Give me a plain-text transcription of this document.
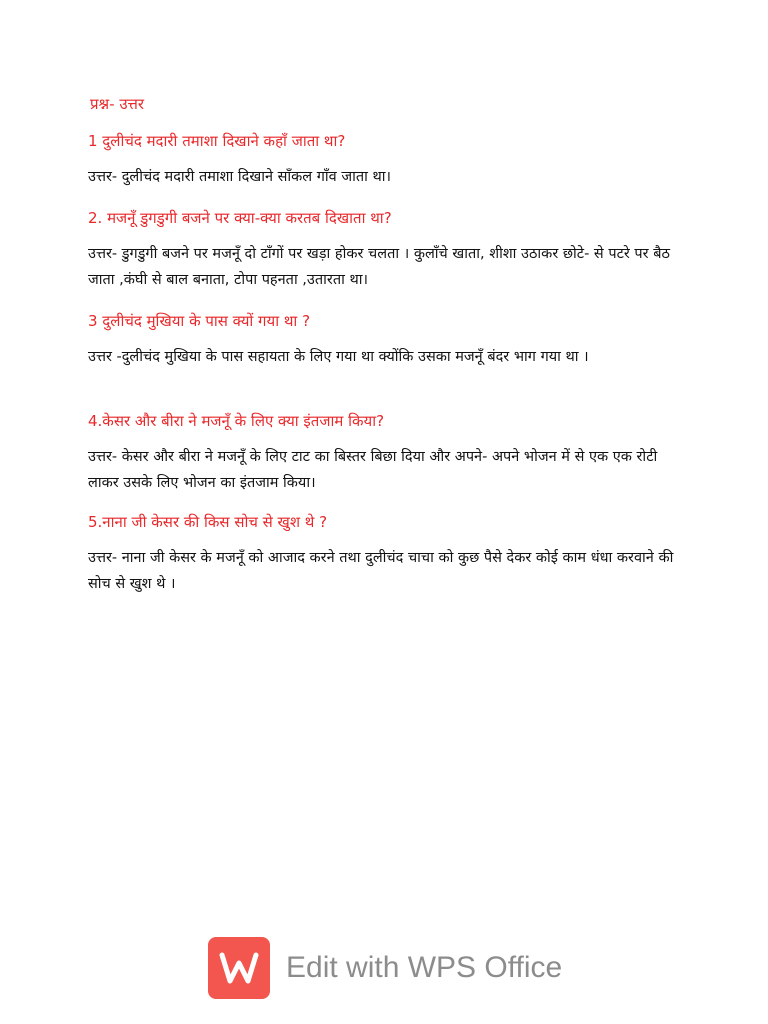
प्रश्न- उत्तर

1 दुलीचंद मदारी तमाशा दिखाने कहाँ जाता था?

उत्तर- दुलीचंद मदारी तमाशा दिखाने साँकल गाँव जाता था।

2. मजनूँ डुगडुगी बजने पर क्या-क्या करतब दिखाता था?

उत्तर- डुगडुगी बजने पर मजनूँ दो टाँगों पर खड़ा होकर चलता । कुलाँचे खाता, शीशा उठाकर छोटे- से पटरे पर बैठ जाता ,कंघी से बाल बनाता, टोपा पहनता ,उतारता था।

3 दुलीचंद मुखिया के पास क्यों गया था ?

उत्तर -दुलीचंद मुखिया के पास सहायता के लिए गया था क्योंकि उसका मजनूँ बंदर भाग गया था ।

4.केसर और बीरा ने मजनूँ के लिए क्या इंतजाम किया?

उत्तर- केसर और बीरा ने मजनूँ के लिए टाट का बिस्तर बिछा दिया और अपने- अपने भोजन में से एक एक रोटी लाकर उसके लिए भोजन का इंतजाम किया।

5.नाना जी केसर की किस सोच से खुश थे ?

उत्तर- नाना जी केसर के मजनूँ को आजाद करने तथा दुलीचंद चाचा को कुछ पैसे देकर कोई काम धंधा करवाने की सोच से खुश थे ।

Edit with WPS Office
